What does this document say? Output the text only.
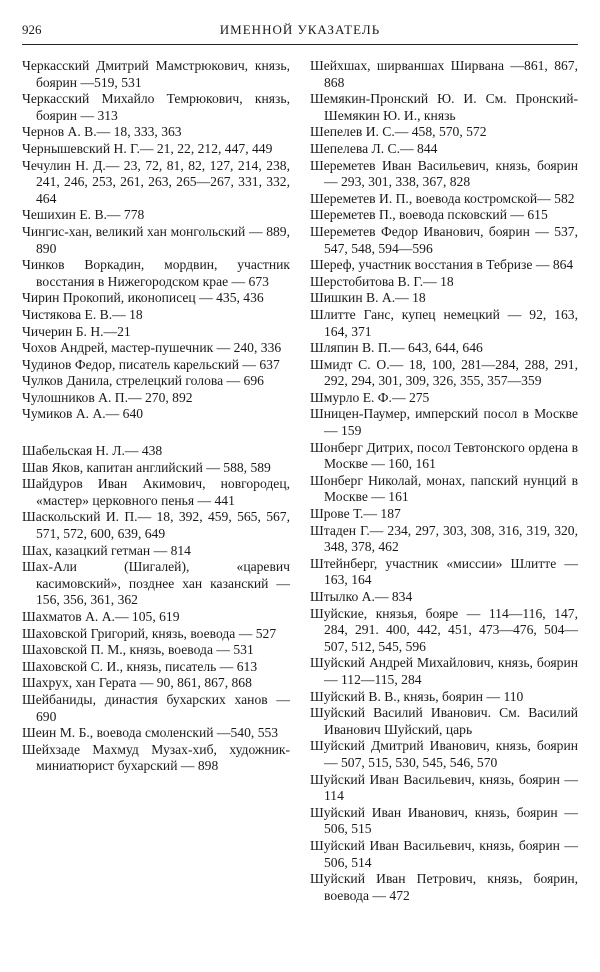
926	ИМЕННОЙ УКАЗАТЕЛЬ

Черкасский Дмитрий Мамстрюкович, князь, боярин —519, 531

Черкасский Михайло Темрюкович, князь, боярин — 313

Чернов А. В.— 18, 333, 363

Чернышевский Н. Г.— 21, 22, 212, 447, 449

Чечулин Н. Д.— 23, 72, 81, 82, 127, 214, 238, 241, 246, 253, 261, 263, 265—267, 331, 332, 464

Чешихин Е. В.— 778

Чингис-хан, великий хан монгольский — 889, 890

Чинков Воркадин, мордвин, участник восстания в Нижегородском крае — 673

Чирин Прокопий, иконописец — 435, 436

Чистякова Е. В.— 18

Чичерин Б. Н.—21

Чохов Андрей, мастер-пушечник — 240, 336

Чудинов Федор, писатель карельский — 637

Чулков Данила, стрелецкий голова — 696

Чулошников А. П.— 270, 892

Чумиков А. А.— 640

Шабельская Н. Л.— 438

Шав Яков, капитан английский — 588, 589

Шайдуров Иван Акимович, новгородец, «мастер» церковного пенья — 441

Шаскольский И. П.— 18, 392, 459, 565, 567, 571, 572, 600, 639, 649

Шах, казацкий гетман — 814

Шах-Али (Шигалей), «царевич касимовский», позднее хан казанский — 156, 356, 361, 362

Шахматов А. А.— 105, 619

Шаховской Григорий, князь, воевода — 527

Шаховской П. М., князь, воевода — 531

Шаховской С. И., князь, писатель — 613

Шахрух, хан Герата — 90, 861, 867, 868

Шейбаниды, династия бухарских ханов — 690

Шеин М. Б., воевода смоленский —540, 553

Шейхзаде Махмуд Музах-хиб, художник-миниатюрист бухарский — 898

Шейхшах, ширваншах Ширвана —861, 867, 868

Шемякин-Пронский Ю. И. См. Пронский-Шемякин Ю. И., князь

Шепелев И. С.— 458, 570, 572

Шепелева Л. С.— 844

Шереметев Иван Васильевич, князь, боярин — 293, 301, 338, 367, 828

Шереметев И. П., воевода костромской— 582

Шереметев П., воевода псковский — 615

Шереметев Федор Иванович, боярин — 537, 547, 548, 594—596

Шереф, участник восстания в Тебризе — 864

Шерстобитова В. Г.— 18

Шишкин В. А.— 18

Шлитте Ганс, купец немецкий — 92, 163, 164, 371

Шляпин В. П.— 643, 644, 646

Шмидт С. О.— 18, 100, 281—284, 288, 291, 292, 294, 301, 309, 326, 355, 357—359

Шмурло Е. Ф.— 275

Шницен-Паумер, имперский посол в Москве — 159

Шонберг Дитрих, посол Тевтонского ордена в Москве — 160, 161

Шонберг Николай, монах, папский нунций в Москве — 161

Шрове Т.— 187

Штаден Г.— 234, 297, 303, 308, 316, 319, 320, 348, 378, 462

Штейнберг, участник «миссии» Шлитте — 163, 164

Штылко А.— 834

Шуйские, князья, бояре — 114—116, 147, 284, 291. 400, 442, 451, 473—476, 504—507, 512, 545, 596

Шуйский Андрей Михайлович, князь, боярин — 112—115, 284

Шуйский В. В., князь, боярин — 110

Шуйский Василий Иванович. См. Василий Иванович Шуйский, царь

Шуйский Дмитрий Иванович, князь, боярин — 507, 515, 530, 545, 546, 570

Шуйский Иван Васильевич, князь, боярин — 114

Шуйский Иван Иванович, князь, боярин — 506, 515

Шуйский Иван Васильевич, князь, боярин — 506, 514

Шуйский Иван Петрович, князь, боярин, воевода — 472
